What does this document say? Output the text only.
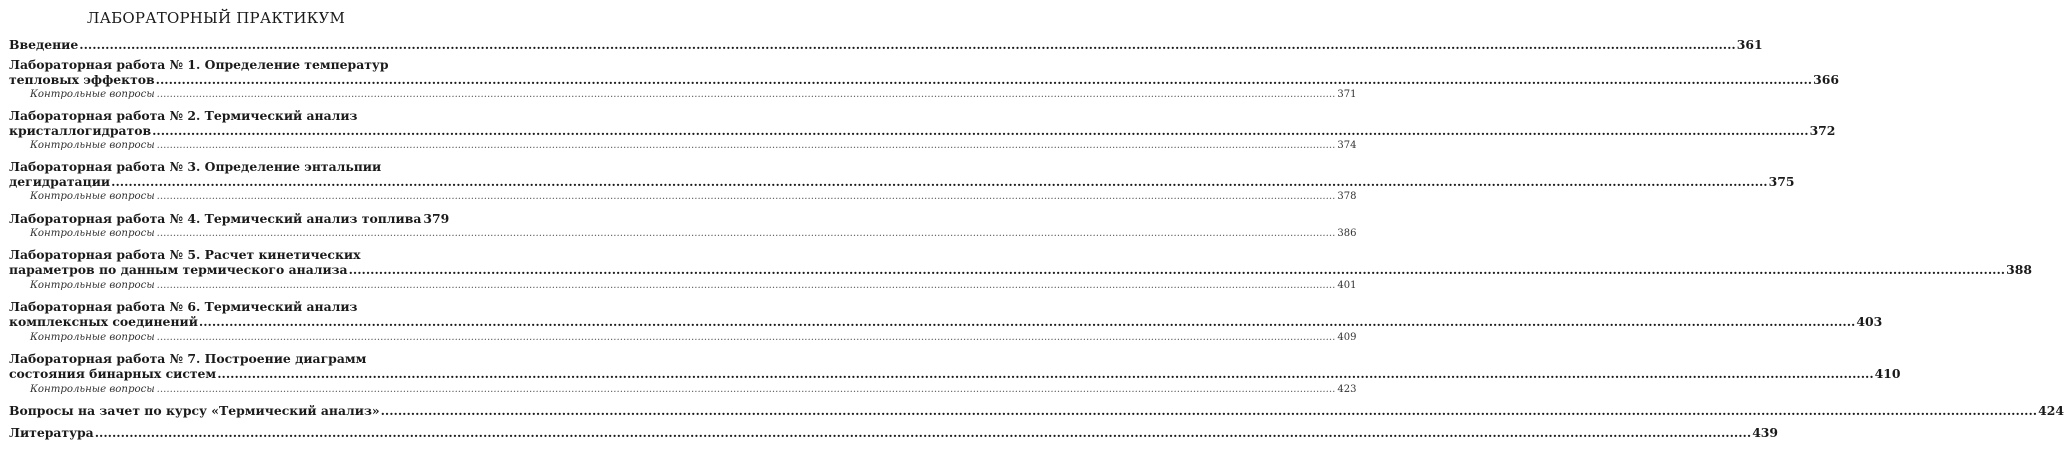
ЛАБОРАТОРНЫЙ ПРАКТИКУМ
Введение .....	361
Лабораторная работа № 1. Определение температур
тепловых эффектов .....	366
Контрольные вопросы .....	371
Лабораторная работа № 2. Термический анализ
кристаллогидратов .....	372
Контрольные вопросы .....	374
Лабораторная работа № 3. Определение энтальпии
дегидратации .....	375
Контрольные вопросы .....	378
Лабораторная работа № 4. Термический анализ топлива 379
Контрольные вопросы .....	386
Лабораторная работа № 5. Расчет кинетических
параметров по данным термического анализа .....	388
Контрольные вопросы .....	401
Лабораторная работа № 6. Термический анализ
комплексных соединений .....	403
Контрольные вопросы .....	409
Лабораторная работа № 7. Построение диаграмм
состояния бинарных систем .....	410
Контрольные вопросы .....	423
Вопросы на зачет по курсу «Термический анализ» .....	424
Литература .....	439
